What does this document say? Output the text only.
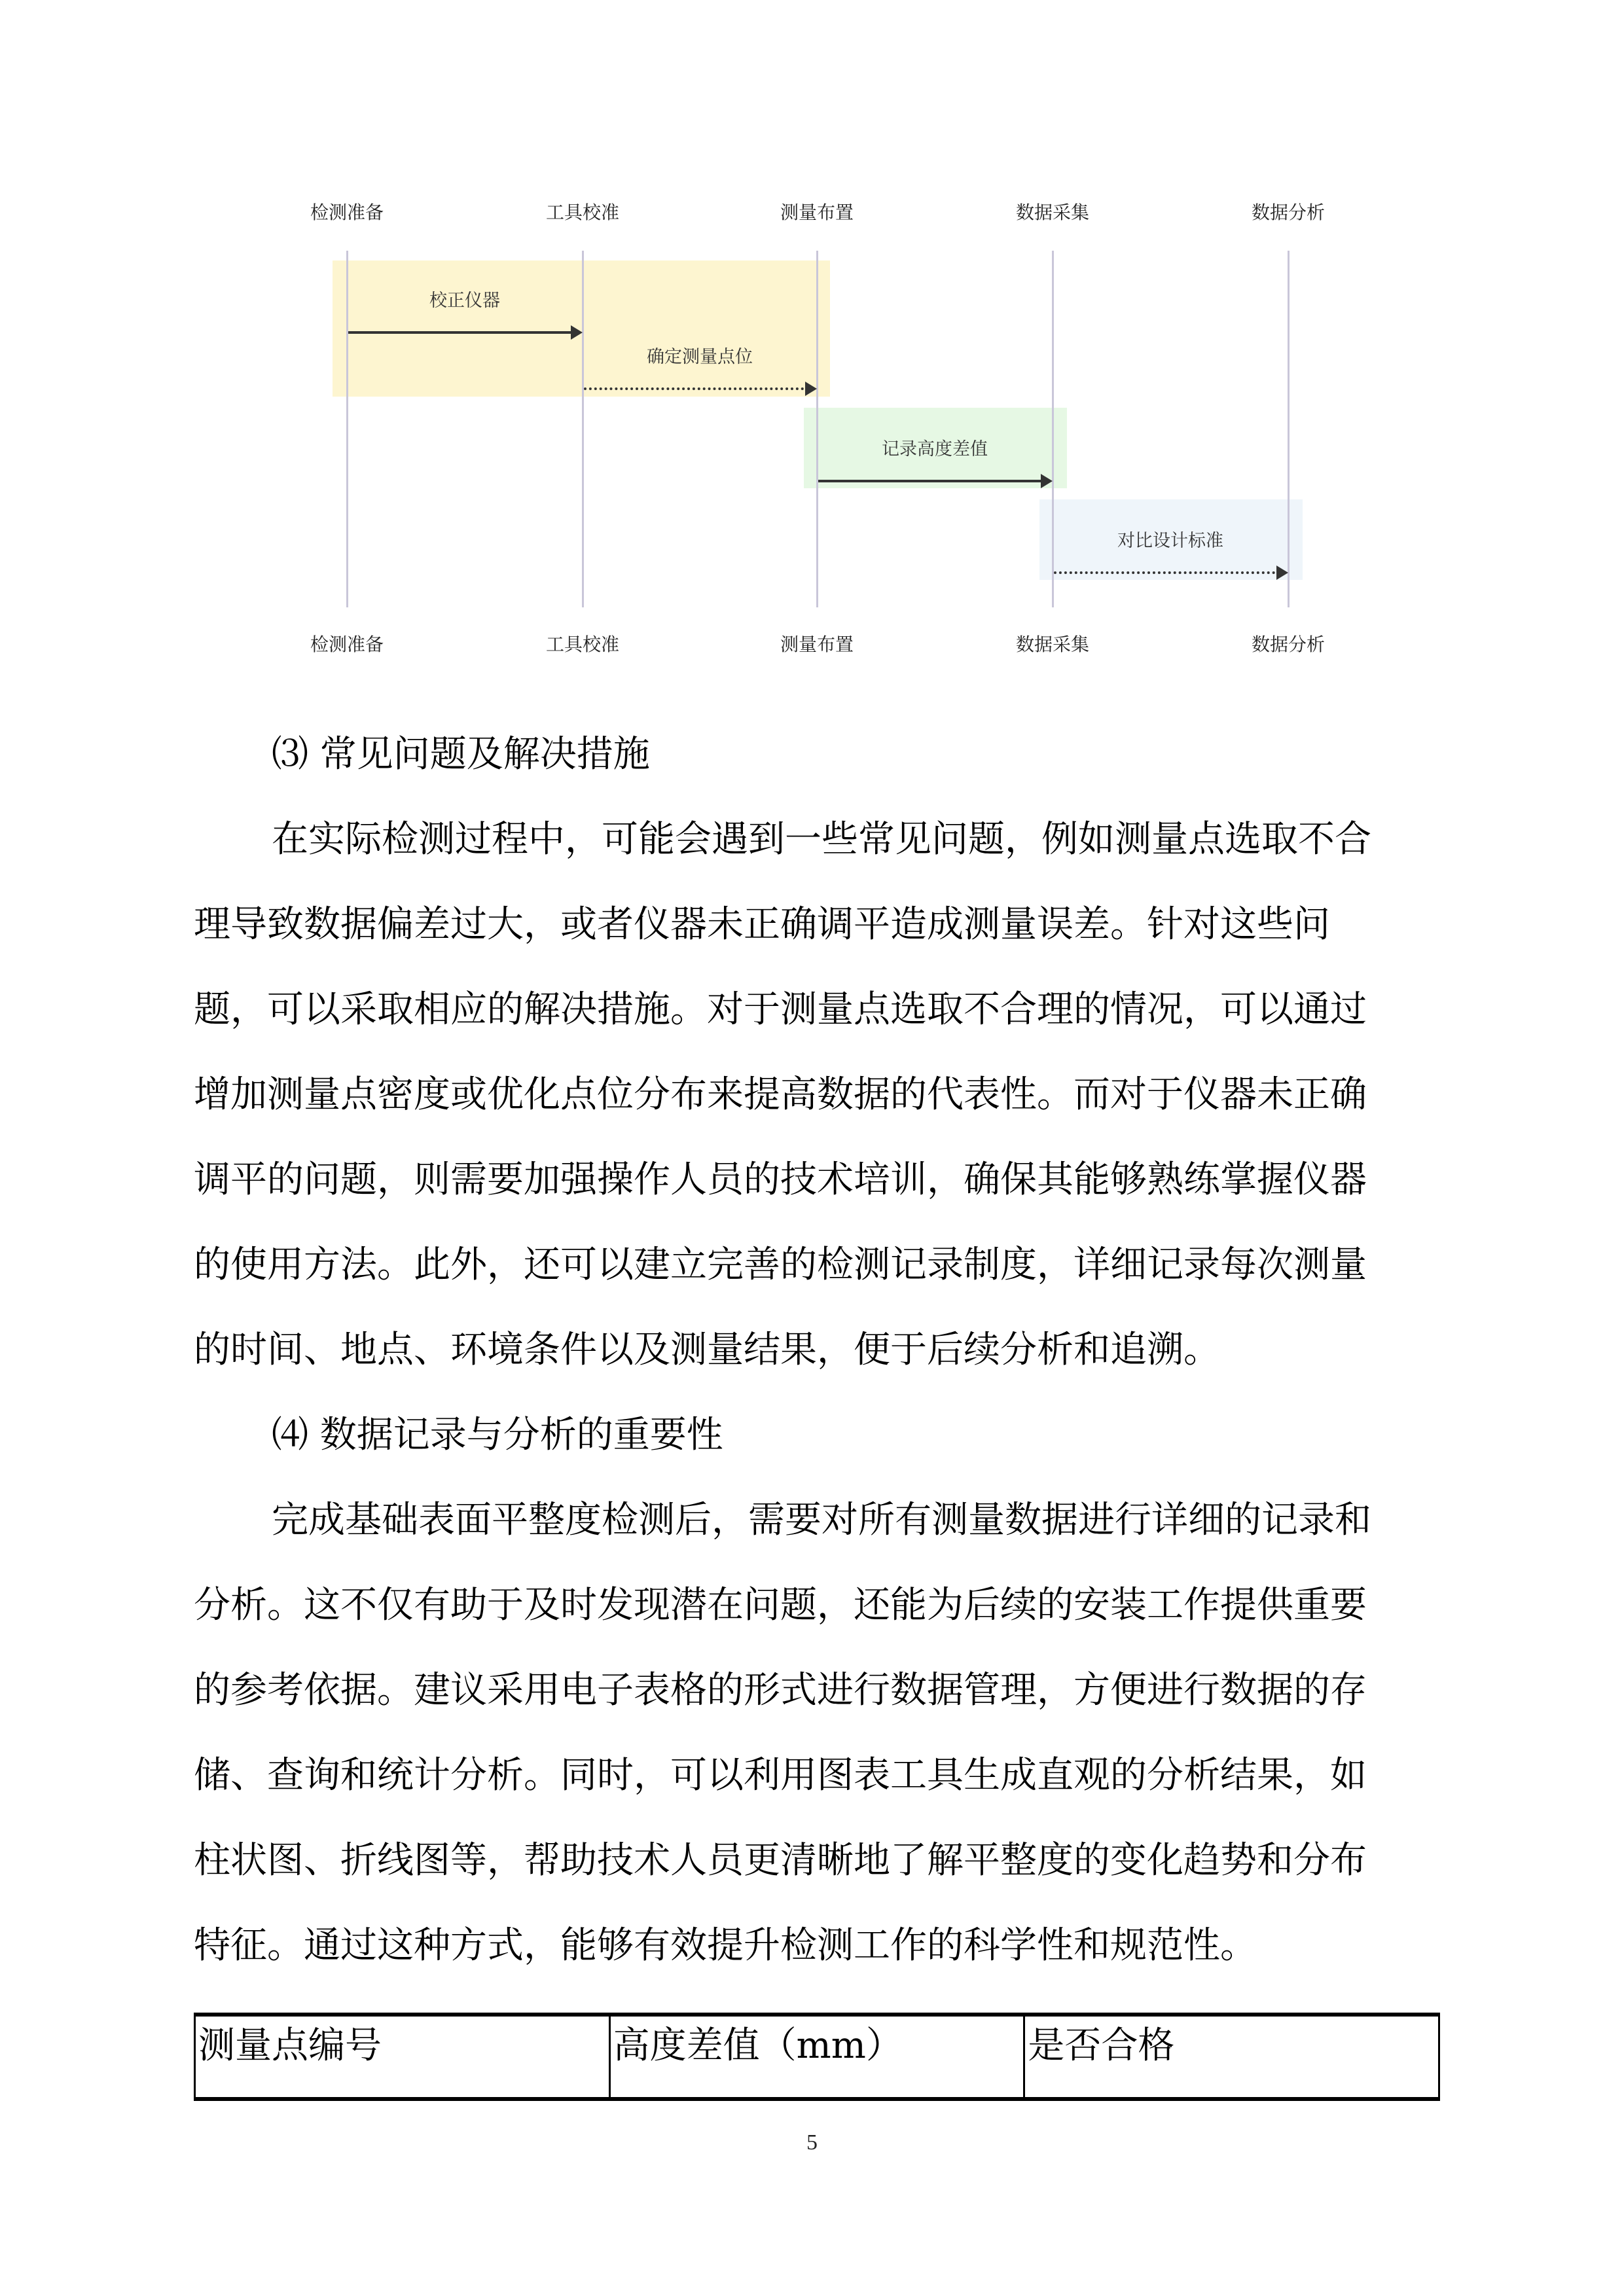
检测准备	工具校准	测量布置	数据采集	数据分析
校正仪器
确定测量点位
记录高度差值
对比设计标准
检测准备	工具校准	测量布置	数据采集	数据分析
⑶ 常见问题及解决措施
在实际检测过程中，可能会遇到一些常见问题，例如测量点选取不合
理导致数据偏差过大，或者仪器未正确调平造成测量误差。针对这些问
题，可以采取相应的解决措施。对于测量点选取不合理的情况，可以通过
增加测量点密度或优化点位分布来提高数据的代表性。而对于仪器未正确
调平的问题，则需要加强操作人员的技术培训，确保其能够熟练掌握仪器
的使用方法。此外，还可以建立完善的检测记录制度，详细记录每次测量
的时间、地点、环境条件以及测量结果，便于后续分析和追溯。
⑷ 数据记录与分析的重要性
完成基础表面平整度检测后，需要对所有测量数据进行详细的记录和
分析。这不仅有助于及时发现潜在问题，还能为后续的安装工作提供重要
的参考依据。建议采用电子表格的形式进行数据管理，方便进行数据的存
储、查询和统计分析。同时，可以利用图表工具生成直观的分析结果，如
柱状图、折线图等，帮助技术人员更清晰地了解平整度的变化趋势和分布
特征。通过这种方式，能够有效提升检测工作的科学性和规范性。
测量点编号	高度差值（mm）	是否合格
5
